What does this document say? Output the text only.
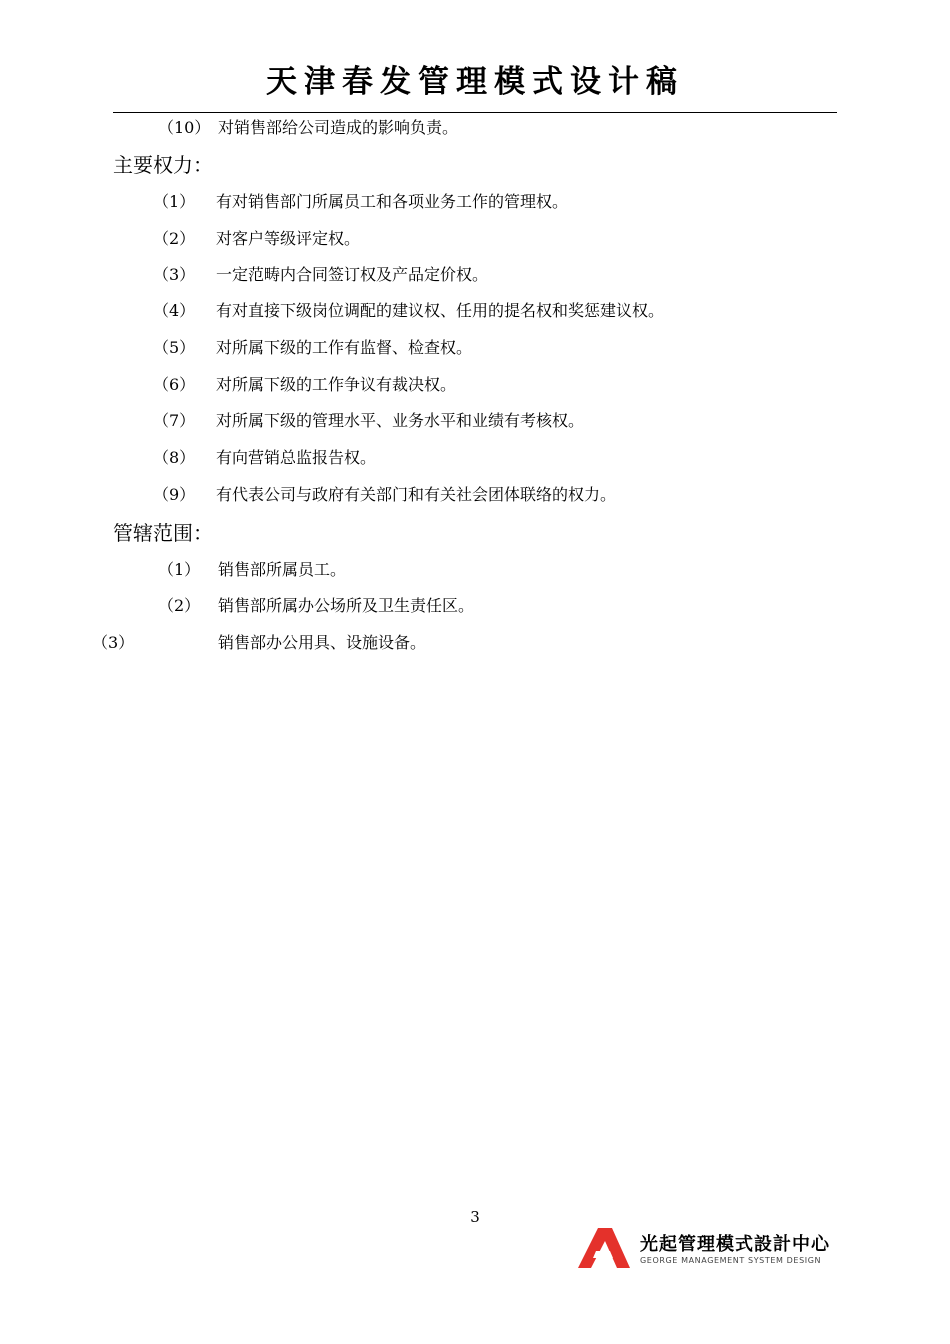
天津春发管理模式设计稿
（10） 对销售部给公司造成的影响负责。
主要权力：
（1） 有对销售部门所属员工和各项业务工作的管理权。
（2） 对客户等级评定权。
（3） 一定范畴内合同签订权及产品定价权。
（4） 有对直接下级岗位调配的建议权、任用的提名权和奖惩建议权。
（5） 对所属下级的工作有监督、检查权。
（6） 对所属下级的工作争议有裁决权。
（7） 对所属下级的管理水平、业务水平和业绩有考核权。
（8） 有向营销总监报告权。
（9） 有代表公司与政府有关部门和有关社会团体联络的权力。
管辖范围：
（1） 销售部所属员工。
（2） 销售部所属办公场所及卫生责任区。
（3）	销售部办公用具、设施设备。
3
光起管理模式設計中心
GEORGE MANAGEMENT SYSTEM DESIGN
